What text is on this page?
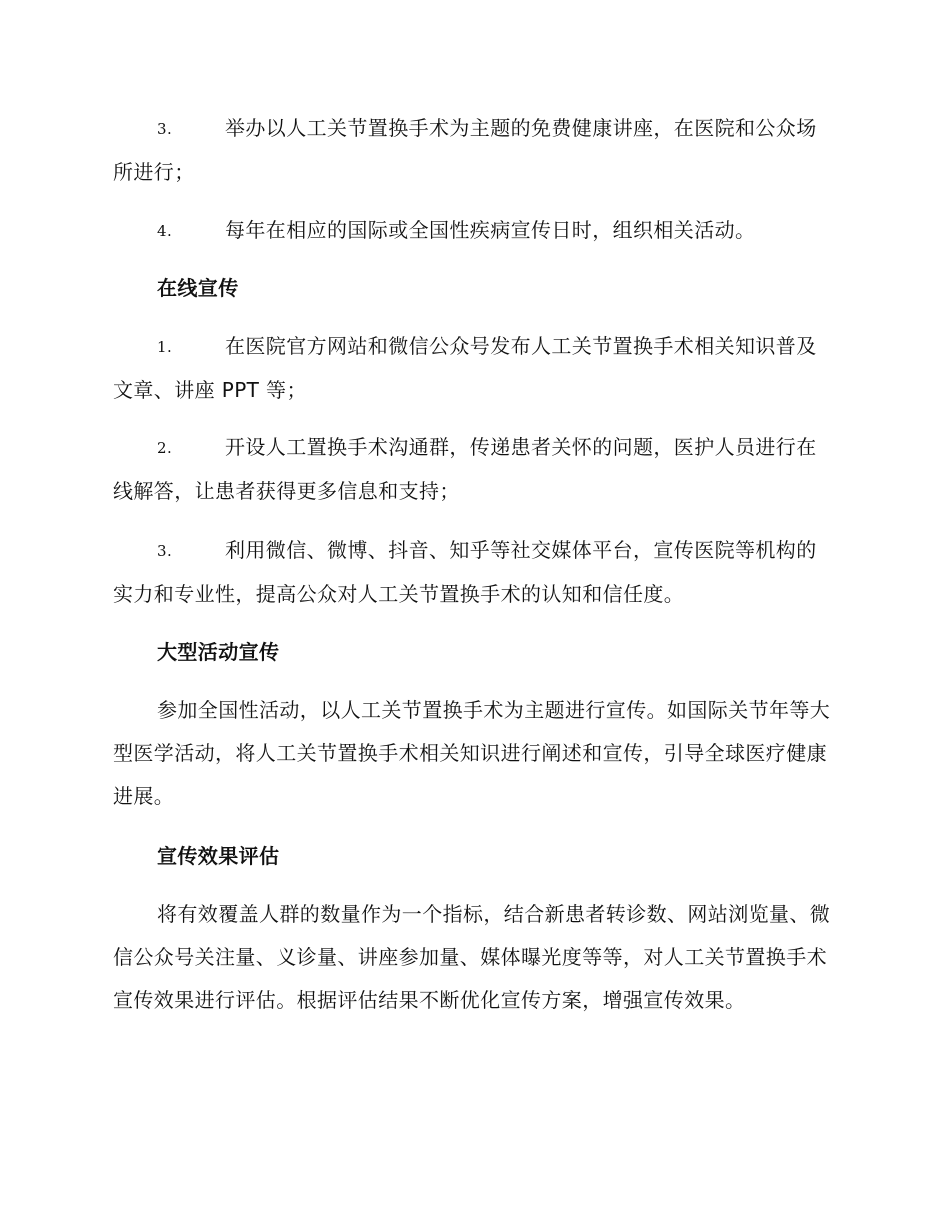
3.	举办以人工关节置换手术为主题的免费健康讲座，在医院和公众场所进行；
4.	每年在相应的国际或全国性疾病宣传日时，组织相关活动。
在线宣传
1.	在医院官方网站和微信公众号发布人工关节置换手术相关知识普及文章、讲座 PPT 等；
2.	开设人工置换手术沟通群，传递患者关怀的问题，医护人员进行在线解答，让患者获得更多信息和支持；
3.	利用微信、微博、抖音、知乎等社交媒体平台，宣传医院等机构的实力和专业性，提高公众对人工关节置换手术的认知和信任度。
大型活动宣传
参加全国性活动，以人工关节置换手术为主题进行宣传。如国际关节年等大型医学活动，将人工关节置换手术相关知识进行阐述和宣传，引导全球医疗健康进展。
宣传效果评估
将有效覆盖人群的数量作为一个指标，结合新患者转诊数、网站浏览量、微信公众号关注量、义诊量、讲座参加量、媒体曝光度等等，对人工关节置换手术宣传效果进行评估。根据评估结果不断优化宣传方案，增强宣传效果。
